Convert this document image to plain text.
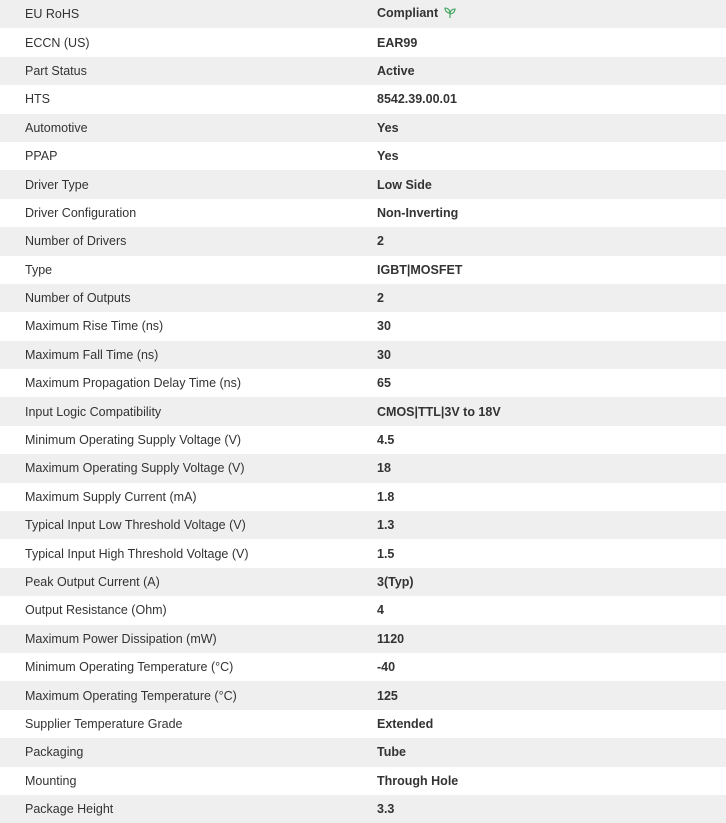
EU RoHS	Compliant
ECCN (US)	EAR99
Part Status	Active
HTS	8542.39.00.01
Automotive	Yes
PPAP	Yes
Driver Type	Low Side
Driver Configuration	Non-Inverting
Number of Drivers	2
Type	IGBT|MOSFET
Number of Outputs	2
Maximum Rise Time (ns)	30
Maximum Fall Time (ns)	30
Maximum Propagation Delay Time (ns)	65
Input Logic Compatibility	CMOS|TTL|3V to 18V
Minimum Operating Supply Voltage (V)	4.5
Maximum Operating Supply Voltage (V)	18
Maximum Supply Current (mA)	1.8
Typical Input Low Threshold Voltage (V)	1.3
Typical Input High Threshold Voltage (V)	1.5
Peak Output Current (A)	3(Typ)
Output Resistance (Ohm)	4
Maximum Power Dissipation (mW)	1120
Minimum Operating Temperature (°C)	-40
Maximum Operating Temperature (°C)	125
Supplier Temperature Grade	Extended
Packaging	Tube
Mounting	Through Hole
Package Height	3.3
